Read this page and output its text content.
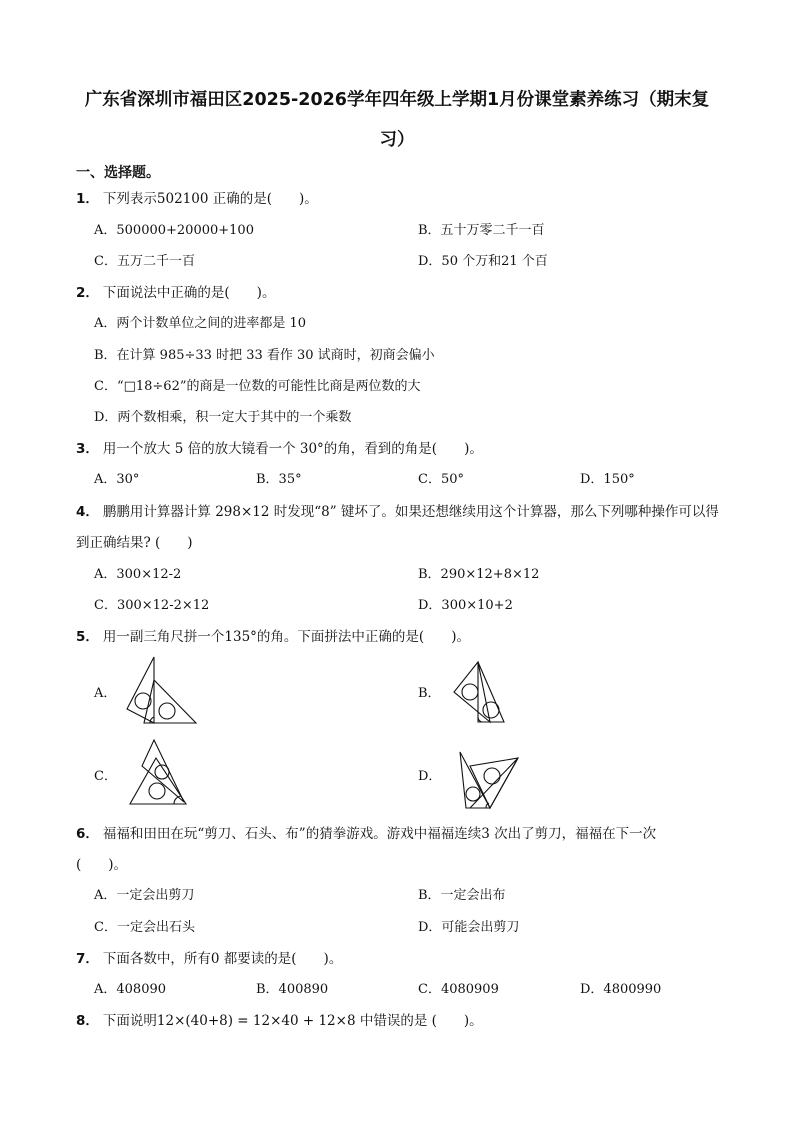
广东省深圳市福田区2025-2026学年四年级上学期1月份课堂素养练习（期末复
习）
一、选择题。
1． 下列表示502100 正确的是(　　)。
A．500000+20000+100	B．五十万零二千一百
C．五万二千一百	D．50 个万和21 个百
2． 下面说法中正确的是(　　)。
A．两个计数单位之间的进率都是 10
B．在计算 985÷33 时把 33 看作 30 试商时，初商会偏小
C．“□18÷62”的商是一位数的可能性比商是两位数的大
D．两个数相乘，积一定大于其中的一个乘数
3． 用一个放大 5 倍的放大镜看一个 30°的角，看到的角是(　　)。
A．30°	B．35°	C．50°	D．150°
4． 鹏鹏用计算器计算 298×12 时发现“8” 键坏了。如果还想继续用这个计算器，那么下列哪种操作可以得
到正确结果? (　　)
A．300×12-2	B．290×12+8×12
C．300×12-2×12	D．300×10+2
5． 用一副三角尺拼一个135°的角。下面拼法中正确的是(　　)。
A．	B．
C．	D．
6． 福福和田田在玩“剪刀、石头、布”的猜拳游戏。游戏中福福连续3 次出了剪刀，福福在下一次
(　　)。
A．一定会出剪刀	B．一定会出布
C．一定会出石头	D．可能会出剪刀
7． 下面各数中，所有0 都要读的是(　　)。
A．408090	B．400890	C．4080909	D．4800990
8． 下面说明12×(40+8) = 12×40 + 12×8 中错误的是 (　　)。
